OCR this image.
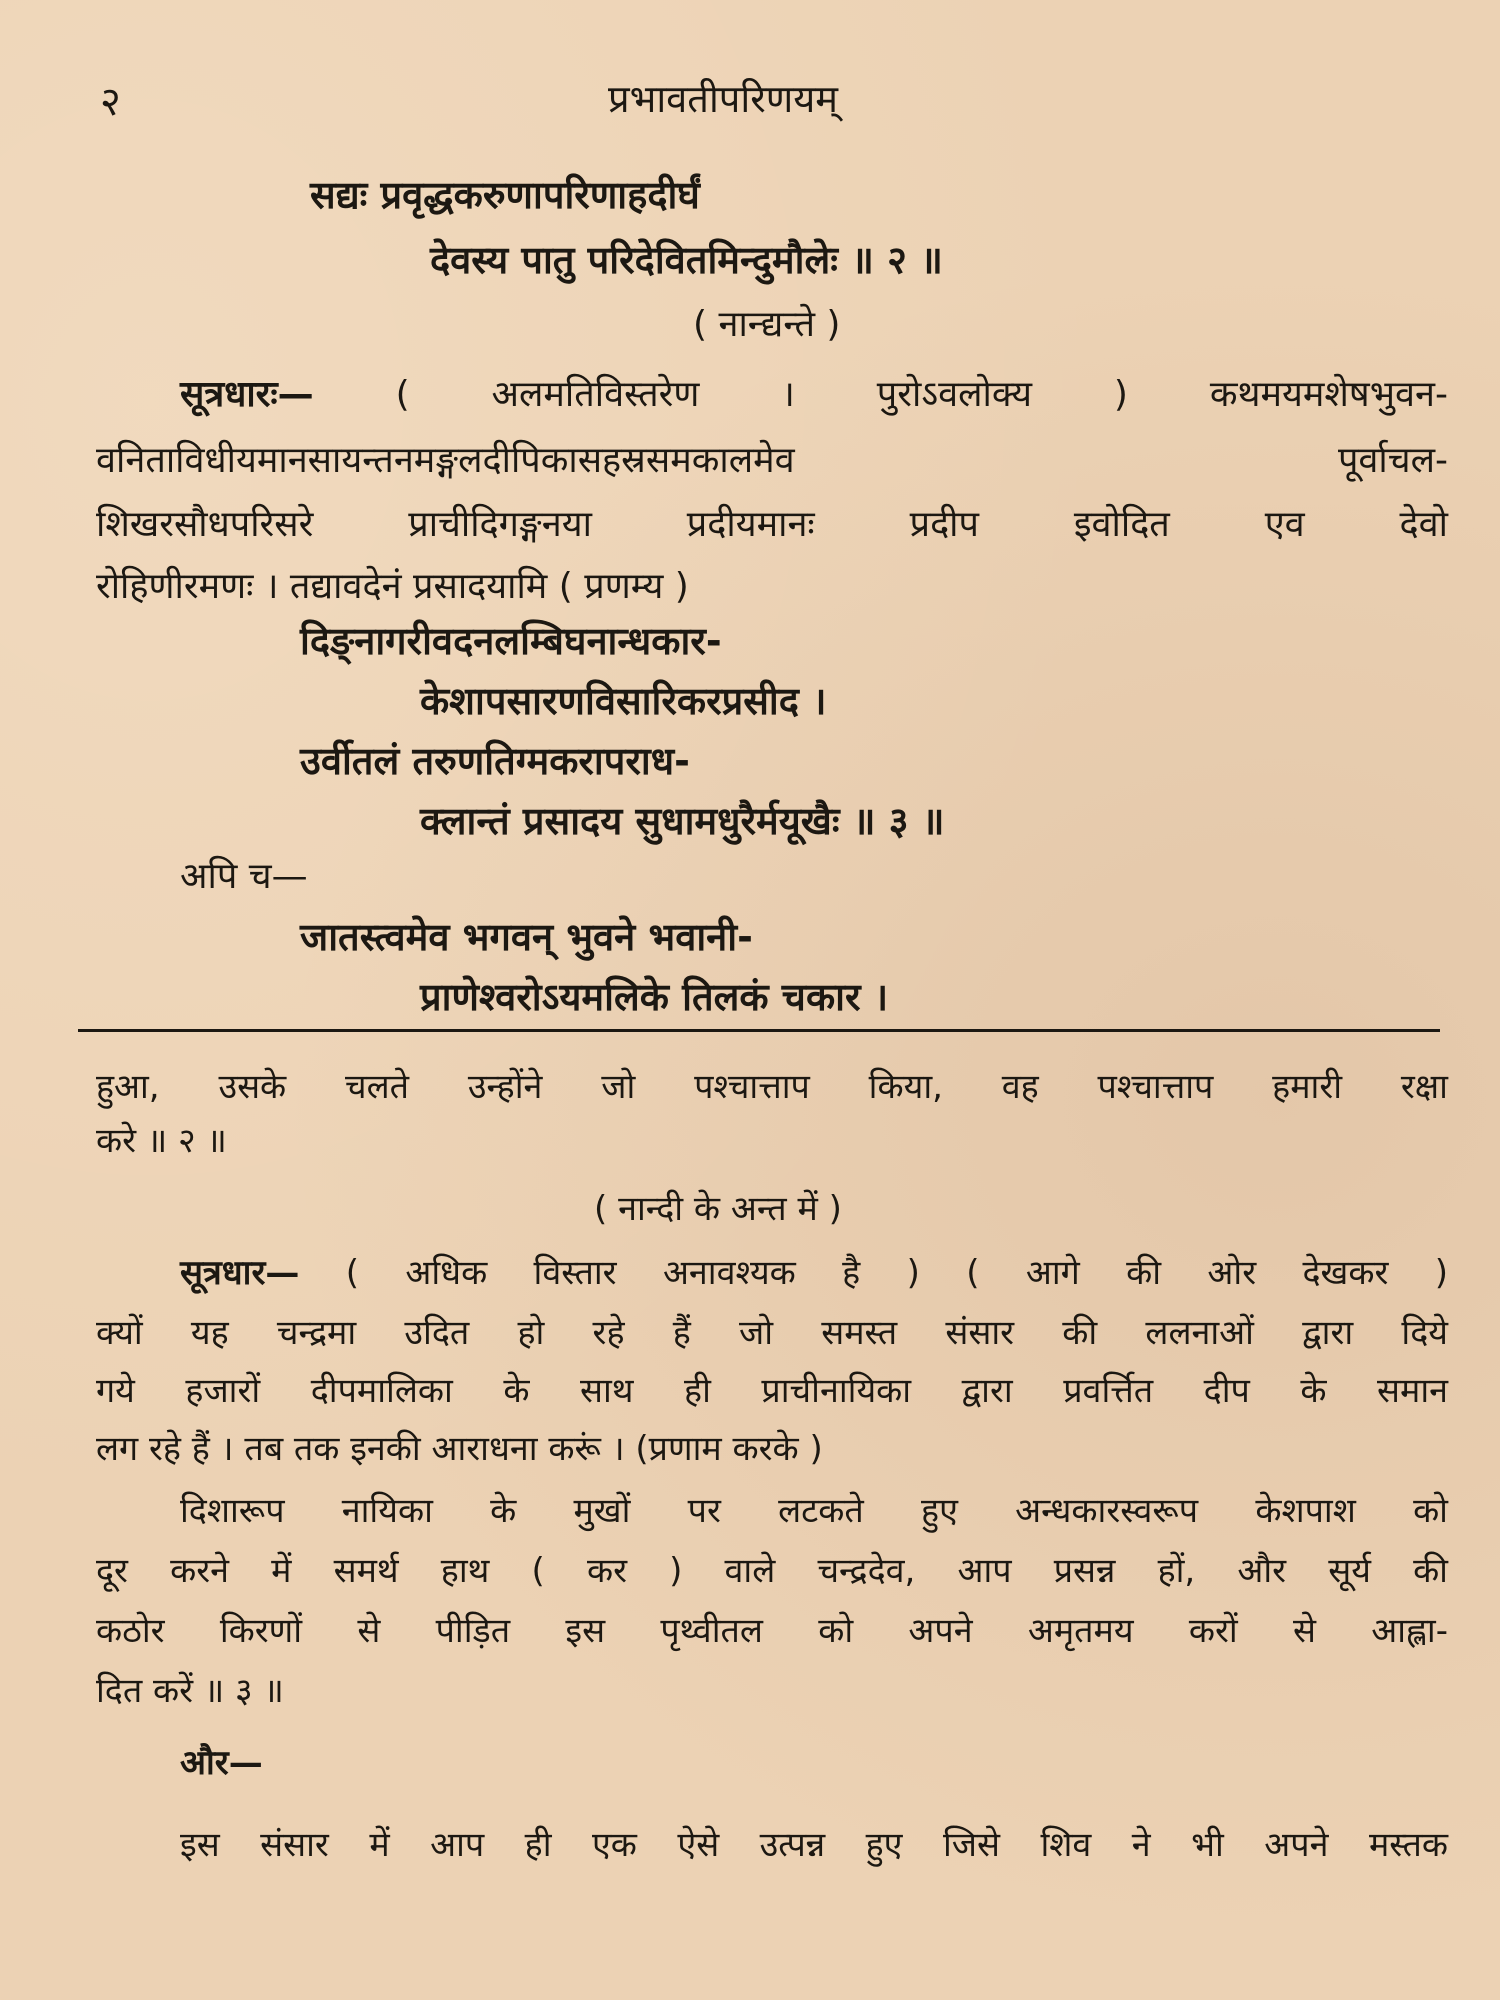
२	प्रभावतीपरिणयम्
सद्यः प्रवृद्धकरुणापरिणाहदीर्घं
देवस्य पातु परिदेवितमिन्दुमौलेः ॥ २ ॥
( नान्द्यन्ते )
सूत्रधारः— ( अलमतिविस्तरेण । पुरोऽवलोक्य ) कथमयमशेषभुवन-
वनिताविधीयमानसायन्तनमङ्गलदीपिकासहस्रसमकालमेव पूर्वाचल-
शिखरसौधपरिसरे प्राचीदिगङ्गनया प्रदीयमानः प्रदीप इवोदित एव देवो
रोहिणीरमणः । तद्यावदेनं प्रसादयामि ( प्रणम्य )
दिङ्नागरीवदनलम्बिघनान्धकार-
केशापसारणविसारिकरप्रसीद ।
उर्वीतलं तरुणतिग्मकरापराध-
क्लान्तं प्रसादय सुधामधुरैर्मयूखैः ॥ ३ ॥
अपि च—
जातस्त्वमेव भगवन् भुवने भवानी-
प्राणेश्वरोऽयमलिके तिलकं चकार ।
हुआ, उसके चलते उन्होंने जो पश्चात्ताप किया, वह पश्चात्ताप हमारी रक्षा
करे ॥ २ ॥
( नान्दी के अन्त में )
सूत्रधार— ( अधिक विस्तार अनावश्यक है ) ( आगे की ओर देखकर )
क्यों यह चन्द्रमा उदित हो रहे हैं जो समस्त संसार की ललनाओं द्वारा दिये
गये हजारों दीपमालिका के साथ ही प्राचीनायिका द्वारा प्रवर्त्तित दीप के समान
लग रहे हैं । तब तक इनकी आराधना करूं । (प्रणाम करके )
दिशारूप नायिका के मुखों पर लटकते हुए अन्धकारस्वरूप केशपाश को
दूर करने में समर्थ हाथ ( कर ) वाले चन्द्रदेव, आप प्रसन्न हों, और सूर्य की
कठोर किरणों से पीड़ित इस पृथ्वीतल को अपने अमृतमय करों से आह्ला-
दित करें ॥ ३ ॥
और—
इस संसार में आप ही एक ऐसे उत्पन्न हुए जिसे शिव ने भी अपने मस्तक
